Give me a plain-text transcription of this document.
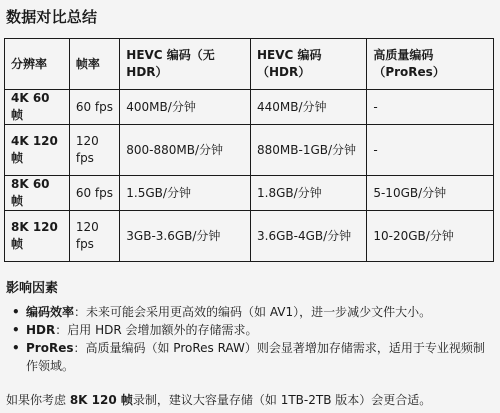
数据对比总结
分辨率	帧率	HEVC 编码（无 HDR）	HEVC 编码（HDR）	高质量编码（ProRes）
4K 60 帧	60 fps	400MB/分钟	440MB/分钟	-
4K 120 帧	120 fps	800-880MB/分钟	880MB-1GB/分钟	-
8K 60 帧	60 fps	1.5GB/分钟	1.8GB/分钟	5-10GB/分钟
8K 120 帧	120 fps	3GB-3.6GB/分钟	3.6GB-4GB/分钟	10-20GB/分钟
影响因素
• 编码效率：未来可能会采用更高效的编码（如 AV1），进一步减少文件大小。
• HDR：启用 HDR 会增加额外的存储需求。
• ProRes：高质量编码（如 ProRes RAW）则会显著增加存储需求，适用于专业视频制作领域。
如果你考虑 8K 120 帧录制，建议大容量存储（如 1TB-2TB 版本）会更合适。
